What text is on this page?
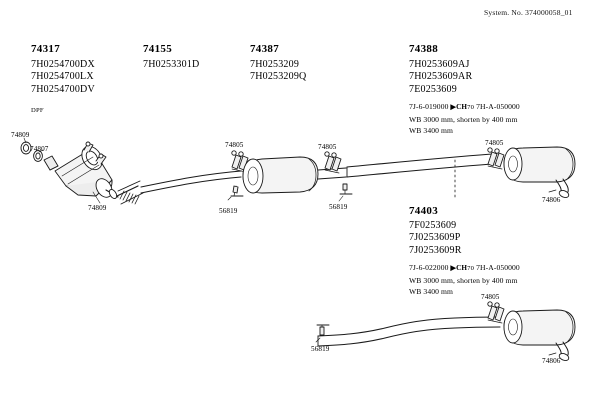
System. No. 374000058_01
74317
7H0254700DX
7H0254700LX
7H0254700DV
DPF
74155
7H0253301D
74387
7H0253209
7H0253209Q
74388
7H0253609AJ
7H0253609AR
7E0253609
7J-6-019000 ▶CH70 7H-A-050000
WB 3000 mm, shorten by 400 mm
WB 3400 mm
74403
7F0253609
7J0253609P
7J0253609R
7J-6-022000 ▶CH70 7H-A-050000
WB 3000 mm, shorten by 400 mm
WB 3400 mm
74809
74807
74809
74805
56819
74805
56819
74805
74806
74805
56819
74806
